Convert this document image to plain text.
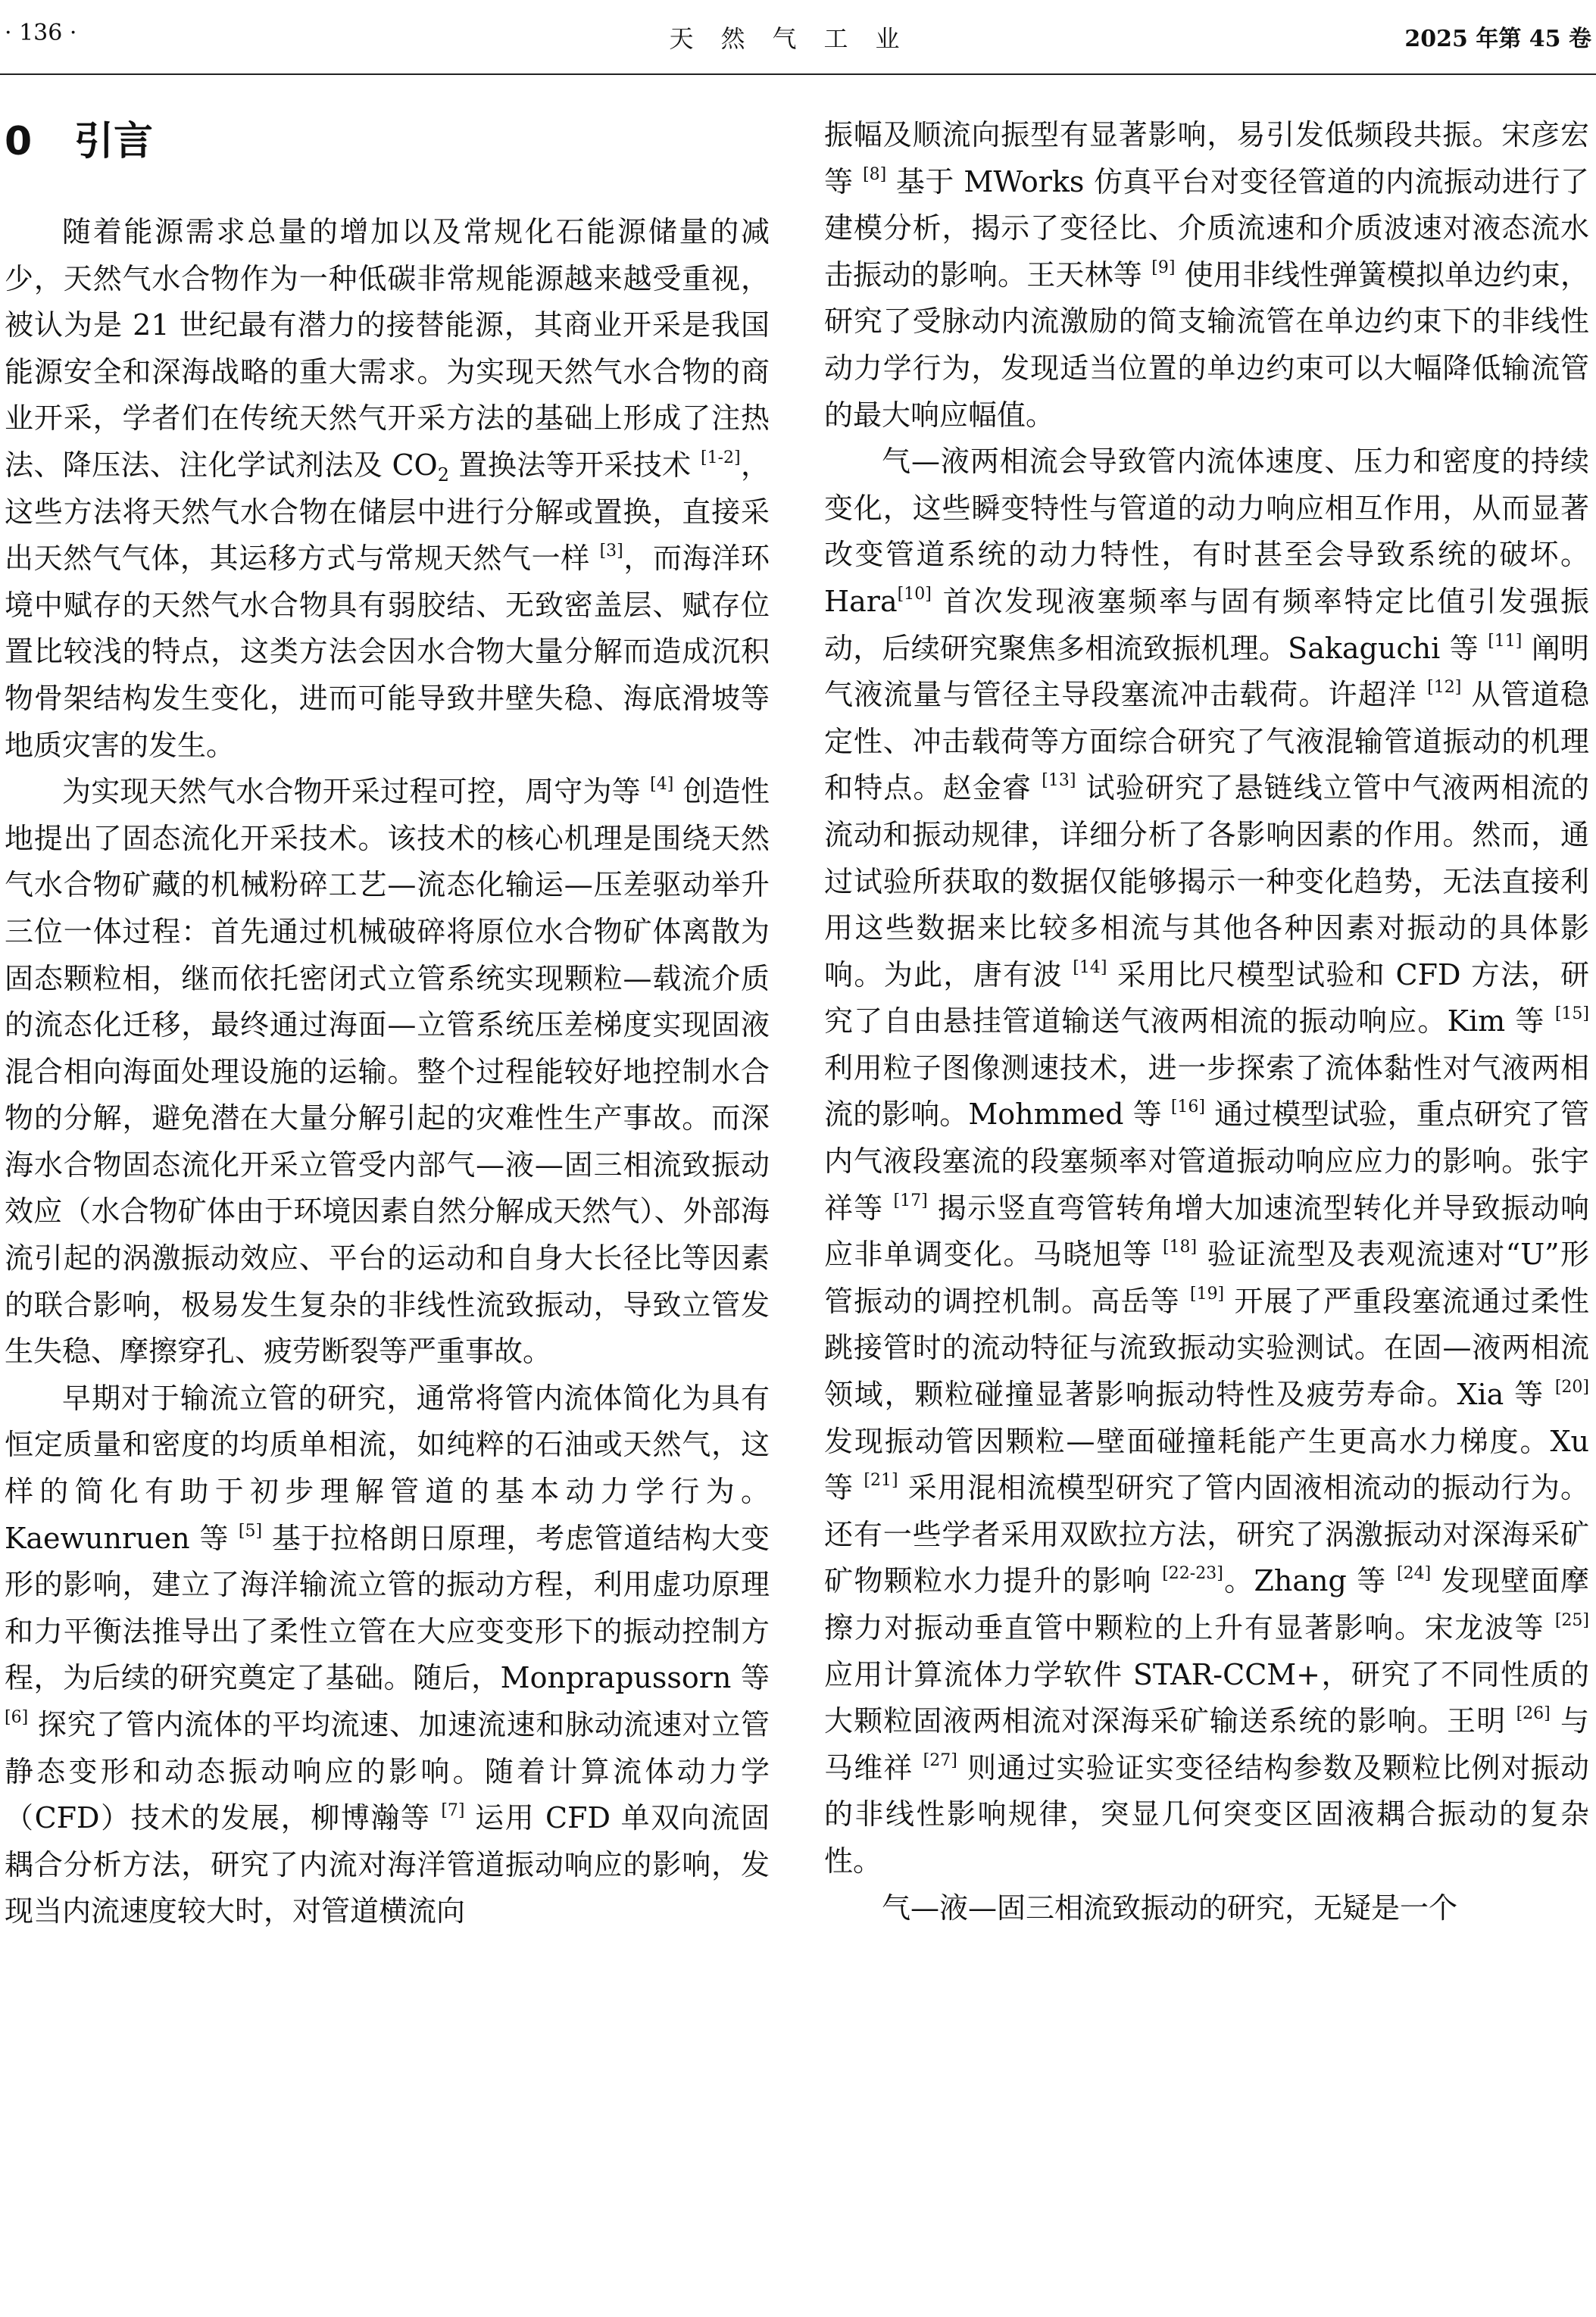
· 136 ·	天然气工业	2025 年第 45 卷
0 引言

随着能源需求总量的增加以及常规化石能源储量的减少，天然气水合物作为一种低碳非常规能源越来越受重视，被认为是 21 世纪最有潜力的接替能源，其商业开采是我国能源安全和深海战略的重大需求。为实现天然气水合物的商业开采，学者们在传统天然气开采方法的基础上形成了注热法、降压法、注化学试剂法及 $CO_2$ 置换法等开采技术 [1-2]，这些方法将天然气水合物在储层中进行分解或置换，直接采出天然气气体，其运移方式与常规天然气一样 [3]，而海洋环境中赋存的天然气水合物具有弱胶结、无致密盖层、赋存位置比较浅的特点，这类方法会因水合物大量分解而造成沉积物骨架结构发生变化，进而可能导致井壁失稳、海底滑坡等地质灾害的发生。

为实现天然气水合物开采过程可控，周守为等 [4] 创造性地提出了固态流化开采技术。该技术的核心机理是围绕天然气水合物矿藏的机械粉碎工艺—流态化输运—压差驱动举升三位一体过程：首先通过机械破碎将原位水合物矿体离散为固态颗粒相，继而依托密闭式立管系统实现颗粒—载流介质的流态化迁移，最终通过海面—立管系统压差梯度实现固液混合相向海面处理设施的运输。整个过程能较好地控制水合物的分解，避免潜在大量分解引起的灾难性生产事故。而深海水合物固态流化开采立管受内部气—液—固三相流致振动效应（水合物矿体由于环境因素自然分解成天然气）、外部海流引起的涡激振动效应、平台的运动和自身大长径比等因素的联合影响，极易发生复杂的非线性流致振动，导致立管发生失稳、摩擦穿孔、疲劳断裂等严重事故。

早期对于输流立管的研究，通常将管内流体简化为具有恒定质量和密度的均质单相流，如纯粹的石油或天然气，这样的简化有助于初步理解管道的基本动力学行为。Kaewunruen 等 [5] 基于拉格朗日原理，考虑管道结构大变形的影响，建立了海洋输流立管的振动方程，利用虚功原理和力平衡法推导出了柔性立管在大应变变形下的振动控制方程，为后续的研究奠定了基础。随后，Monprapussorn 等 [6] 探究了管内流体的平均流速、加速流速和脉动流速对立管静态变形和动态振动响应的影响。随着计算流体动力学（CFD）技术的发展，柳博瀚等 [7] 运用 CFD 单双向流固耦合分析方法，研究了内流对海洋管道振动响应的影响，发现当内流速度较大时，对管道横流向

振幅及顺流向振型有显著影响，易引发低频段共振。宋彦宏等 [8] 基于 MWorks 仿真平台对变径管道的内流振动进行了建模分析，揭示了变径比、介质流速和介质波速对液态流水击振动的影响。王天林等 [9] 使用非线性弹簧模拟单边约束，研究了受脉动内流激励的简支输流管在单边约束下的非线性动力学行为，发现适当位置的单边约束可以大幅降低输流管的最大响应幅值。

气—液两相流会导致管内流体速度、压力和密度的持续变化，这些瞬变特性与管道的动力响应相互作用，从而显著改变管道系统的动力特性，有时甚至会导致系统的破坏。Hara[10] 首次发现液塞频率与固有频率特定比值引发强振动，后续研究聚焦多相流致振机理。Sakaguchi 等 [11] 阐明气液流量与管径主导段塞流冲击载荷。许超洋 [12] 从管道稳定性、冲击载荷等方面综合研究了气液混输管道振动的机理和特点。赵金睿 [13] 试验研究了悬链线立管中气液两相流的流动和振动规律，详细分析了各影响因素的作用。然而，通过试验所获取的数据仅能够揭示一种变化趋势，无法直接利用这些数据来比较多相流与其他各种因素对振动的具体影响。为此，唐有波 [14] 采用比尺模型试验和 CFD 方法，研究了自由悬挂管道输送气液两相流的振动响应。Kim 等 [15] 利用粒子图像测速技术，进一步探索了流体黏性对气液两相流的影响。Mohmmed 等 [16] 通过模型试验，重点研究了管内气液段塞流的段塞频率对管道振动响应应力的影响。张宇祥等 [17] 揭示竖直弯管转角增大加速流型转化并导致振动响应非单调变化。马晓旭等 [18] 验证流型及表观流速对“U”形管振动的调控机制。高岳等 [19] 开展了严重段塞流通过柔性跳接管时的流动特征与流致振动实验测试。在固—液两相流领域，颗粒碰撞显著影响振动特性及疲劳寿命。Xia 等 [20] 发现振动管因颗粒—壁面碰撞耗能产生更高水力梯度。Xu 等 [21] 采用混相流模型研究了管内固液相流动的振动行为。还有一些学者采用双欧拉方法，研究了涡激振动对深海采矿矿物颗粒水力提升的影响 [22-23]。Zhang 等 [24] 发现壁面摩擦力对振动垂直管中颗粒的上升有显著影响。宋龙波等 [25] 应用计算流体力学软件 STAR-CCM+，研究了不同性质的大颗粒固液两相流对深海采矿输送系统的影响。王明 [26] 与马维祥 [27] 则通过实验证实变径结构参数及颗粒比例对振动的非线性影响规律，突显几何突变区固液耦合振动的复杂性。

气—液—固三相流致振动的研究，无疑是一个
